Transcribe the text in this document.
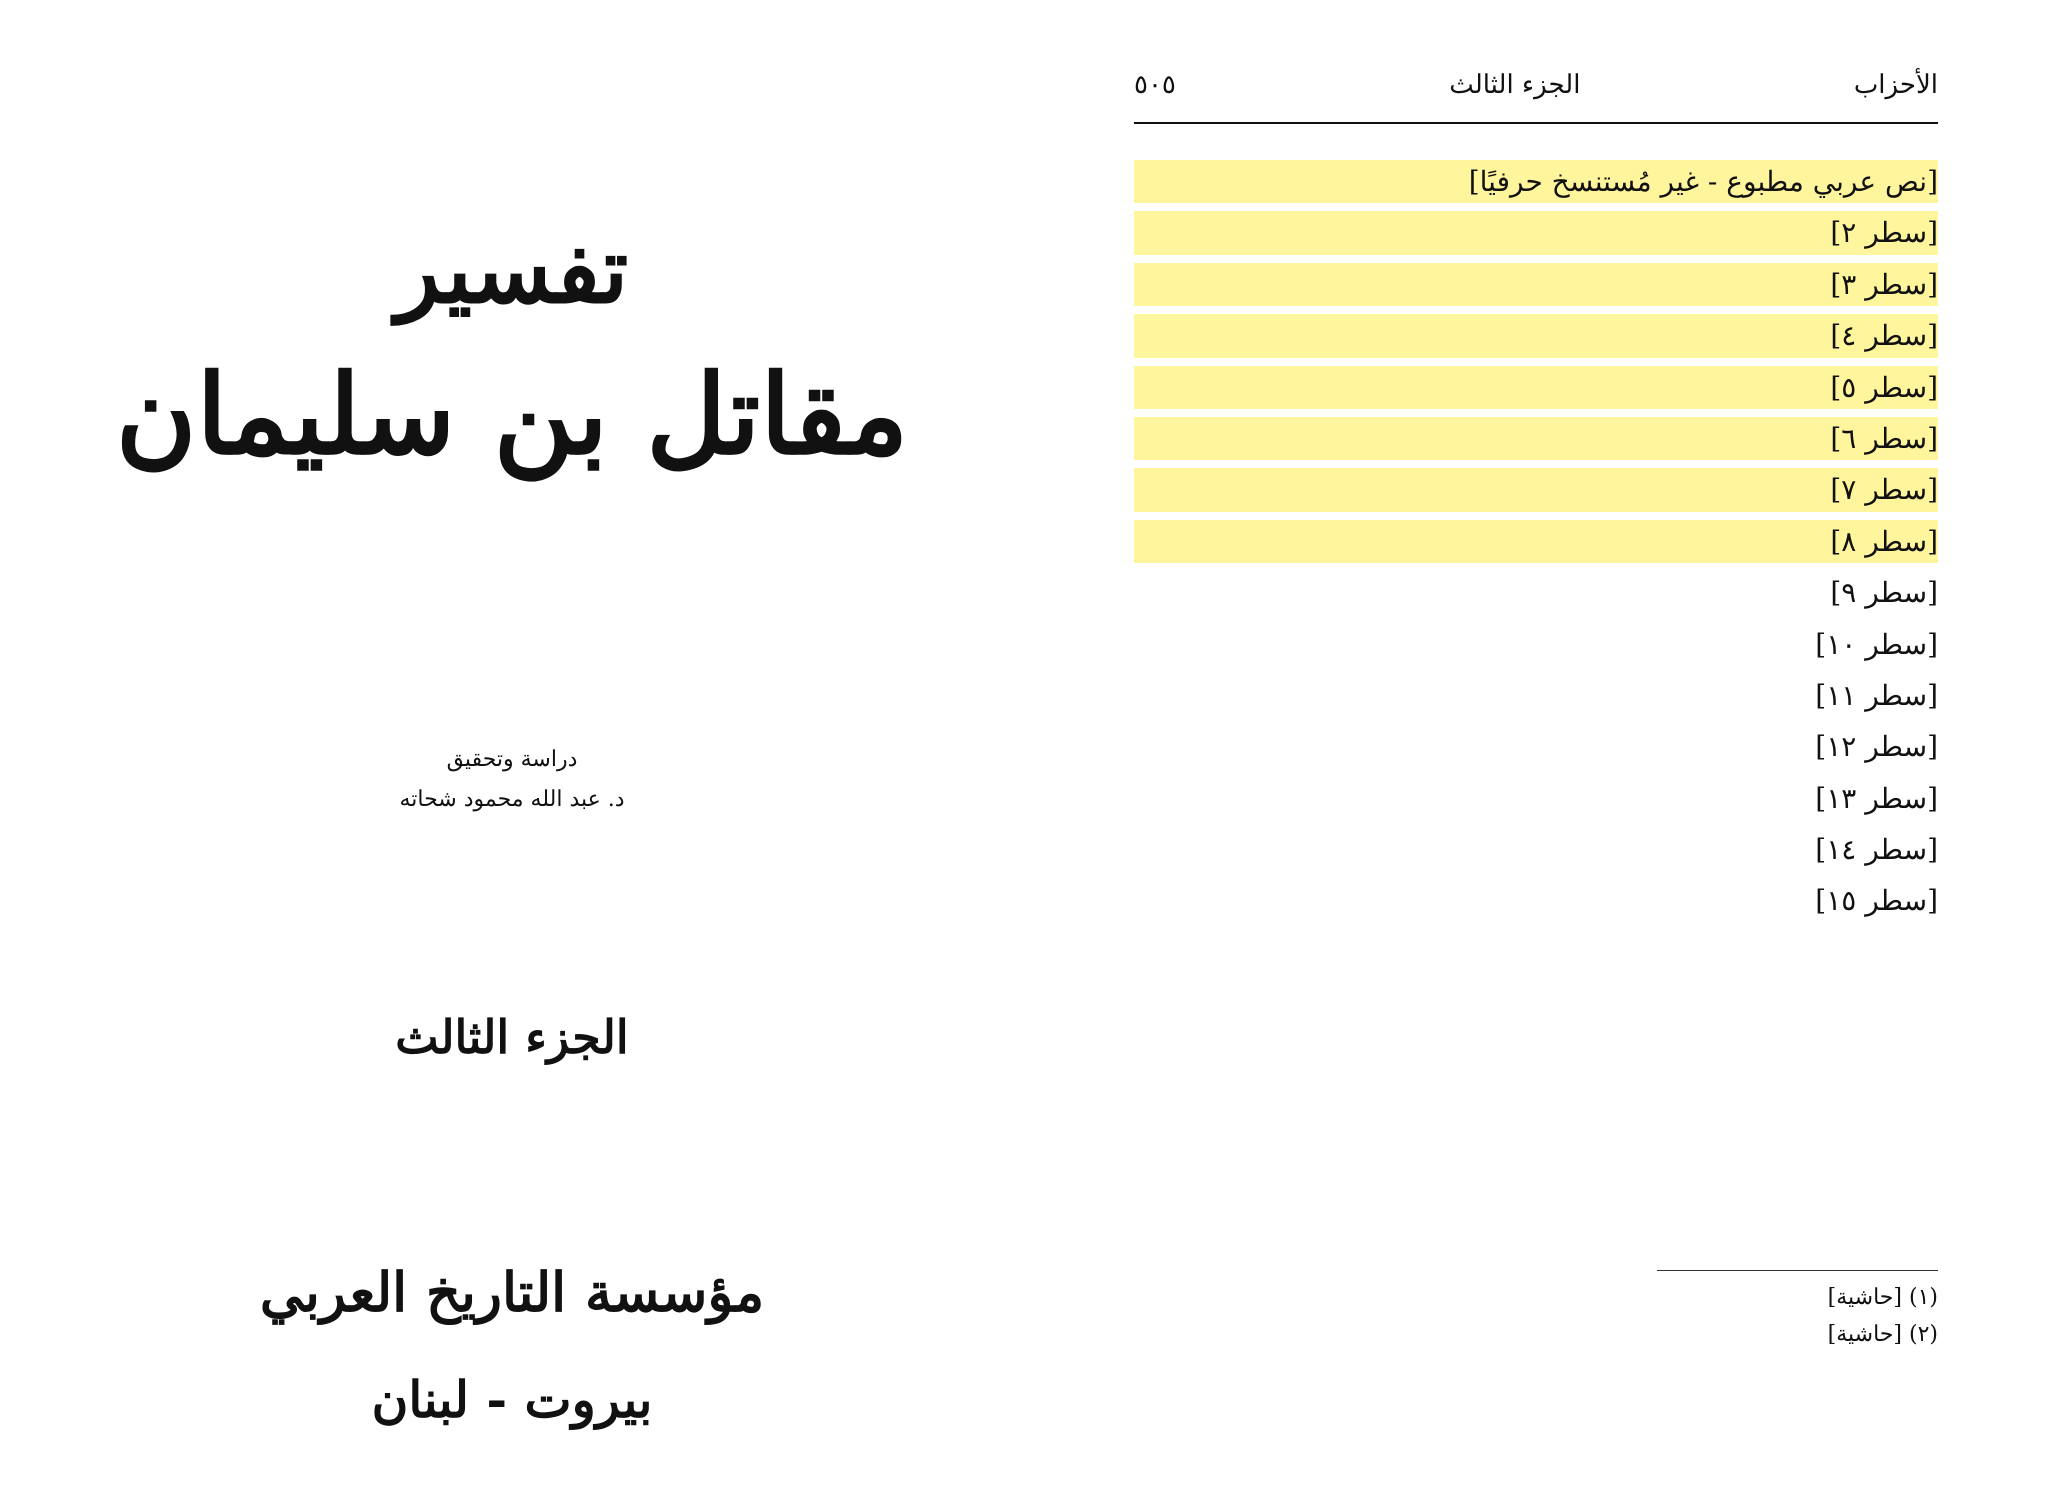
تفسير
مقاتل بن سليمان
دراسة وتحقيق
د. عبد الله محمود شحاته
الجزء الثالث
مؤسسة التاريخ العربي
بيروت - لبنان
الأحزاب
الجزء الثالث
٥٠٥

[نص عربي مطبوع - غير مُستنسخ حرفيًا]

[سطر ٢]

[سطر ٣]

[سطر ٤]

[سطر ٥]

[سطر ٦]

[سطر ٧]

[سطر ٨]

[سطر ٩]

[سطر ١٠]

[سطر ١١]

[سطر ١٢]

[سطر ١٣]

[سطر ١٤]

[سطر ١٥]

(١) [حاشية]
(٢) [حاشية]
